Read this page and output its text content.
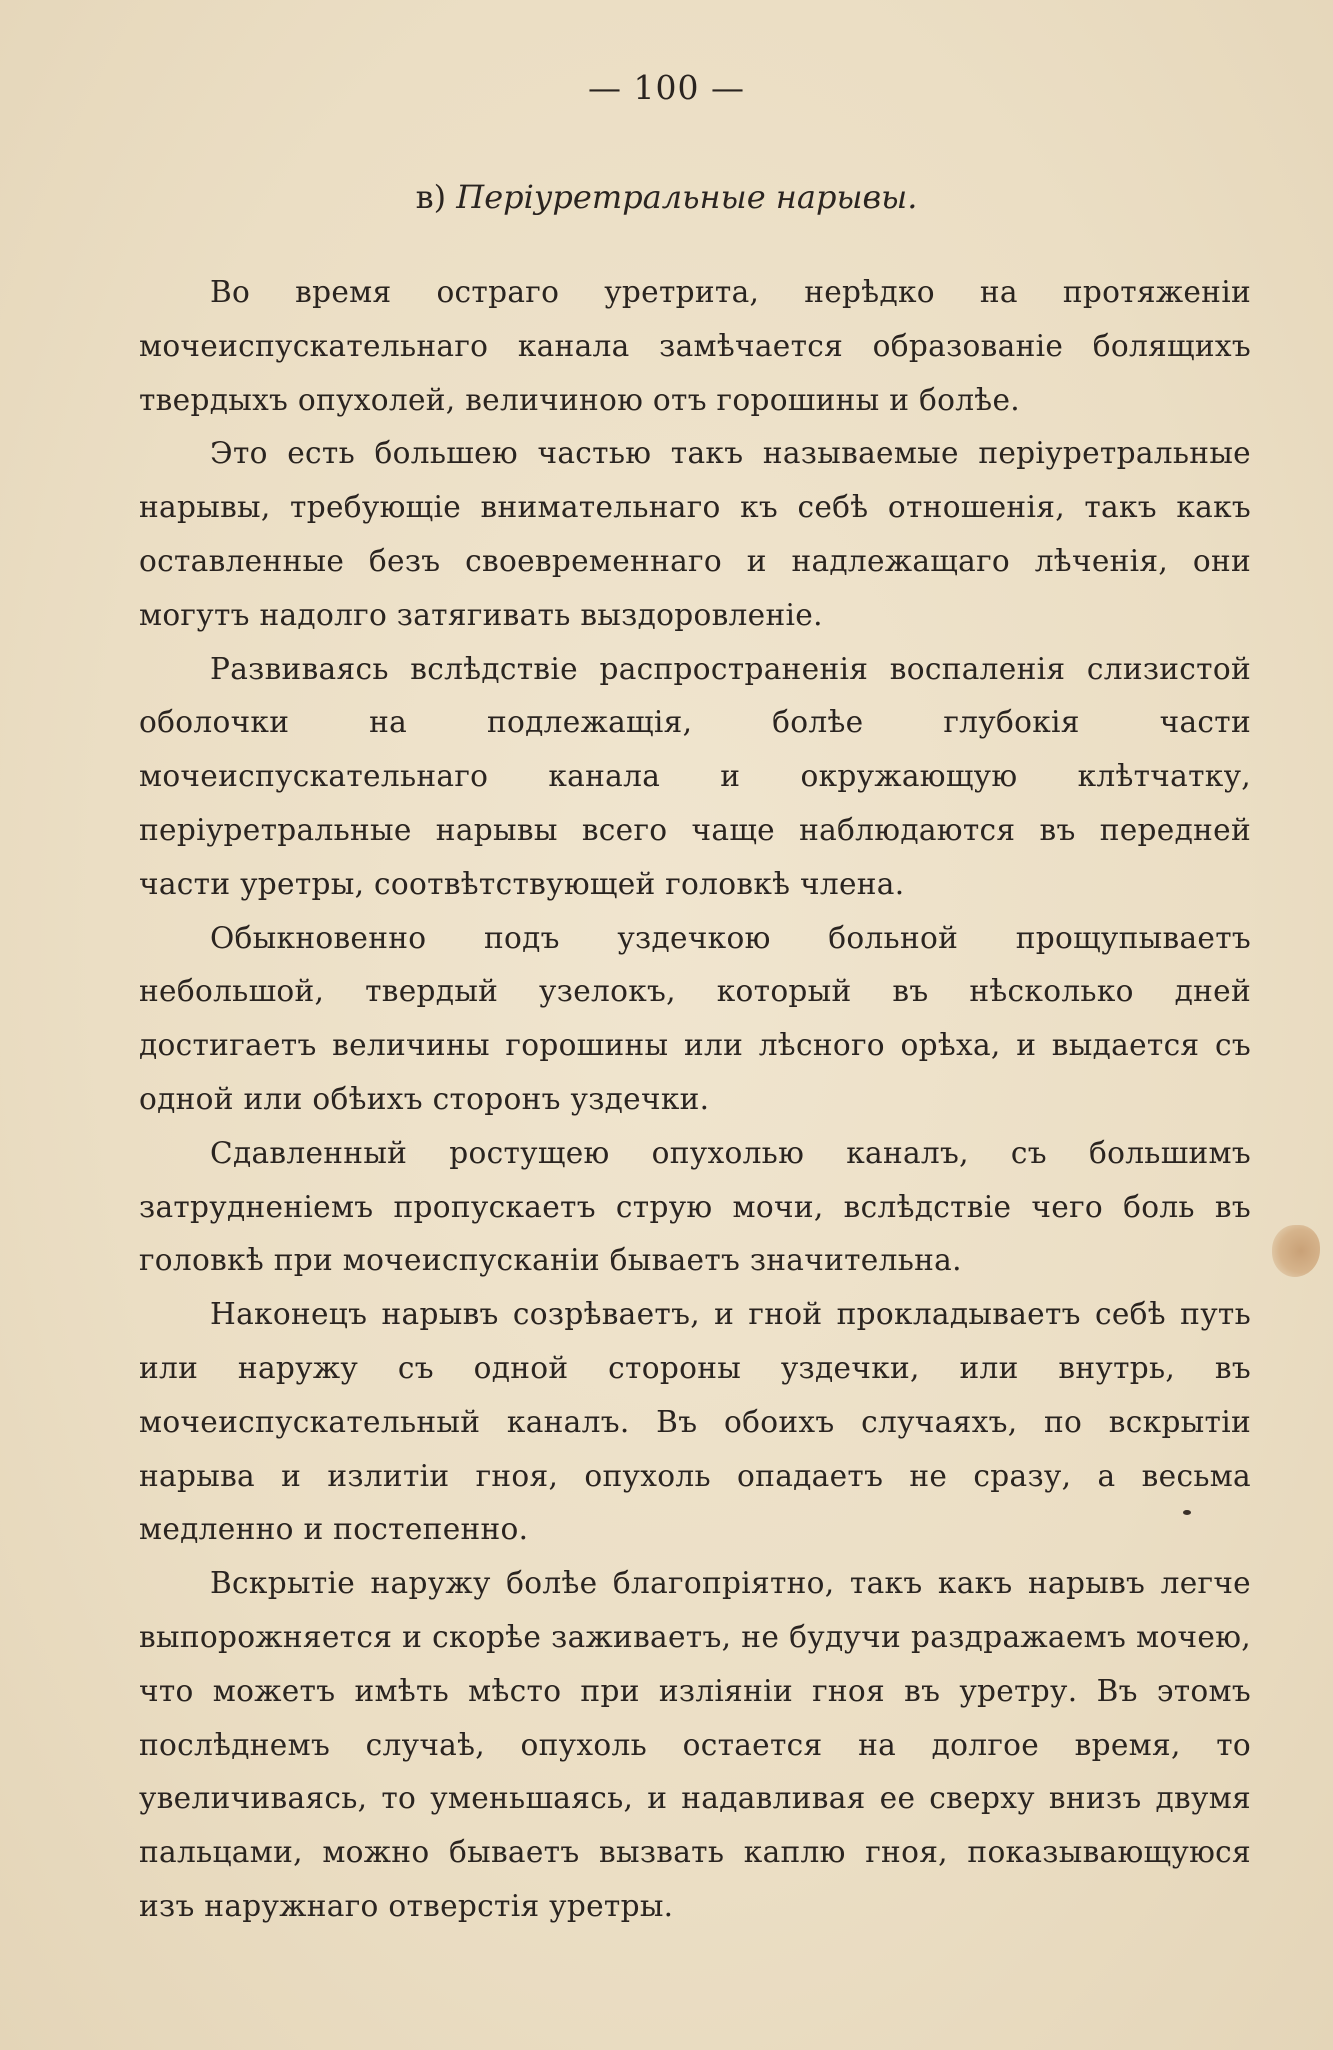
— 100 —
в) Періуретральные нарывы.

Во время остраго уретрита, нерѣдко на протяженіи мочеиспускательнаго канала замѣчается образованіе болящихъ твердыхъ опухолей, величиною отъ горошины и болѣе.

Это есть большею частью такъ называемые періуретральные нарывы, требующіе внимательнаго къ себѣ отношенія, такъ какъ оставленные безъ своевременнаго и надлежащаго лѣченія, они могутъ надолго затягивать выздоровленіе.

Развиваясь вслѣдствіе распространенія воспаленія слизистой оболочки на подлежащія, болѣе глубокія части мочеиспускательнаго канала и окружающую клѣтчатку, періуретральные нарывы всего чаще наблюдаются въ передней части уретры, соотвѣтствующей головкѣ члена.

Обыкновенно подъ уздечкою больной прощупываетъ небольшой, твердый узелокъ, который въ нѣсколько дней достигаетъ величины горошины или лѣсного орѣха, и выдается съ одной или обѣихъ сторонъ уздечки.

Сдавленный ростущею опухолью каналъ, съ большимъ затрудненіемъ пропускаетъ струю мочи, вслѣдствіе чего боль въ головкѣ при мочеиспусканіи бываетъ значительна.

Наконецъ нарывъ созрѣваетъ, и гной прокладываетъ себѣ путь или наружу съ одной стороны уздечки, или внутрь, въ мочеиспускательный каналъ. Въ обоихъ случаяхъ, по вскрытіи нарыва и излитіи гноя, опухоль опадаетъ не сразу, а весьма медленно и постепенно.

Вскрытіе наружу болѣе благопріятно, такъ какъ нарывъ легче выпорожняется и скорѣе заживаетъ, не будучи раздражаемъ мочею, что можетъ имѣть мѣсто при изліяніи гноя въ уретру. Въ этомъ послѣднемъ случаѣ, опухоль остается на долгое время, то увеличиваясь, то уменьшаясь, и надавливая ее сверху внизъ двумя пальцами, можно бываетъ вызвать каплю гноя, показывающуюся изъ наружнаго отверстія уретры.
